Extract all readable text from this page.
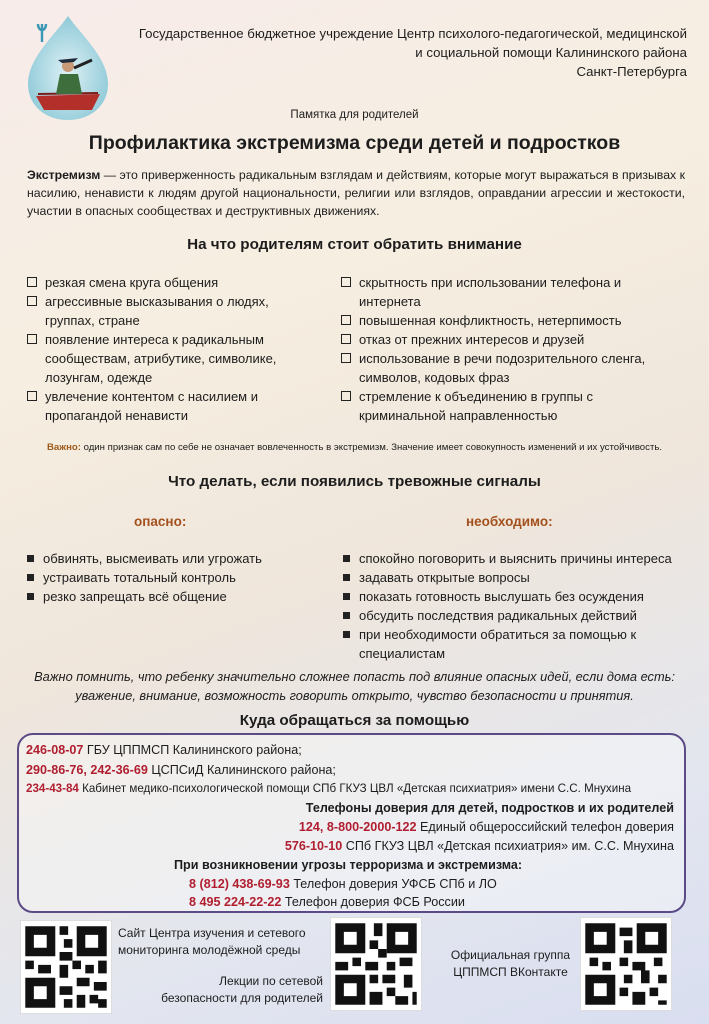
Государственное бюджетное учреждение Центр психолого-педагогической, медицинской
и социальной помощи Калининского района
Санкт-Петербурга
Памятка для родителей
Профилактика экстремизма среди детей и подростков
Экстремизм — это приверженность радикальным взглядам и действиям, которые могут выражаться в призывах к насилию, ненависти к людям другой национальности, религии или взглядов, оправдании агрессии и жестокости, участии в опасных сообществах и деструктивных движениях.
На что родителям стоит обратить внимание
резкая смена круга общения
агрессивные высказывания о людях, группах, стране
появление интереса к радикальным сообществам, атрибутике, символике, лозунгам, одежде
увлечение контентом с насилием и пропагандой ненависти
скрытность при использовании телефона и интернета
повышенная конфликтность, нетерпимость
отказ от прежних интересов и друзей
использование в речи подозрительного сленга, символов, кодовых фраз
стремление к объединению в группы с криминальной направленностью
Важно: один признак сам по себе не означает вовлеченность в экстремизм. Значение имеет совокупность изменений и их устойчивость.
Что делать, если появились тревожные сигналы
опасно:	необходимо:
обвинять, высмеивать или угрожать
устраивать тотальный контроль
резко запрещать всё общение
спокойно поговорить и выяснить причины интереса
задавать открытые вопросы
показать готовность выслушать без осуждения
обсудить последствия радикальных действий
при необходимости обратиться за помощью к специалистам
Важно помнить, что ребенку значительно сложнее попасть под влияние опасных идей, если дома есть:
уважение, внимание, возможность говорить открыто, чувство безопасности и принятия.
Куда обращаться за помощью
246-08-07 ГБУ ЦППМСП Калининского района;
290-86-76, 242-36-69 ЦСПСиД Калининского района;
234-43-84 Кабинет медико-психологической помощи СПб ГКУЗ ЦВЛ «Детская психиатрия» имени С.С. Мнухина
Телефоны доверия для детей, подростков и их родителей
124, 8-800-2000-122 Единый общероссийский телефон доверия
576-10-10 СПб ГКУЗ ЦВЛ «Детская психиатрия» им. С.С. Мнухина
При возникновении угрозы терроризма и экстремизма:
8 (812) 438-69-93 Телефон доверия УФСБ СПб и ЛО
8 495 224-22-22 Телефон доверия ФСБ России
Сайт Центра изучения и сетевого
мониторинга молодёжной среды
Лекции по сетевой
безопасности для родителей
Официальная группа
ЦППМСП ВКонтакте
